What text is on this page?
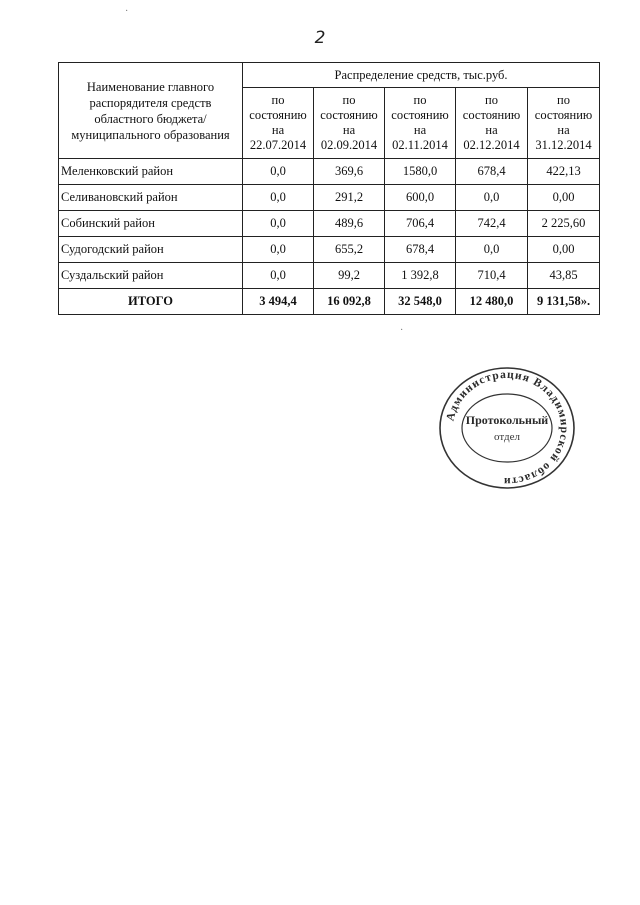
2
Наименование главного распорядителя средств областного бюджета/муниципального образования	Распределение средств, тыс.руб.				
	по состоянию на 22.07.2014	по состоянию на 02.09.2014	по состоянию на 02.11.2014	по состоянию на 02.12.2014	по состоянию на 31.12.2014
Меленковский район	0,0	369,6	1580,0	678,4	422,13
Селивановский район	0,0	291,2	600,0	0,0	0,00
Собинский район	0,0	489,6	706,4	742,4	2 225,60
Судогодский район	0,0	655,2	678,4	0,0	0,00
Суздальский район	0,0	99,2	1 392,8	710,4	43,85
ИТОГО	3 494,4	16 092,8	32 548,0	12 480,0	9 131,58».
·
·
Администрация Владимирской области
Протокольный
отдел
